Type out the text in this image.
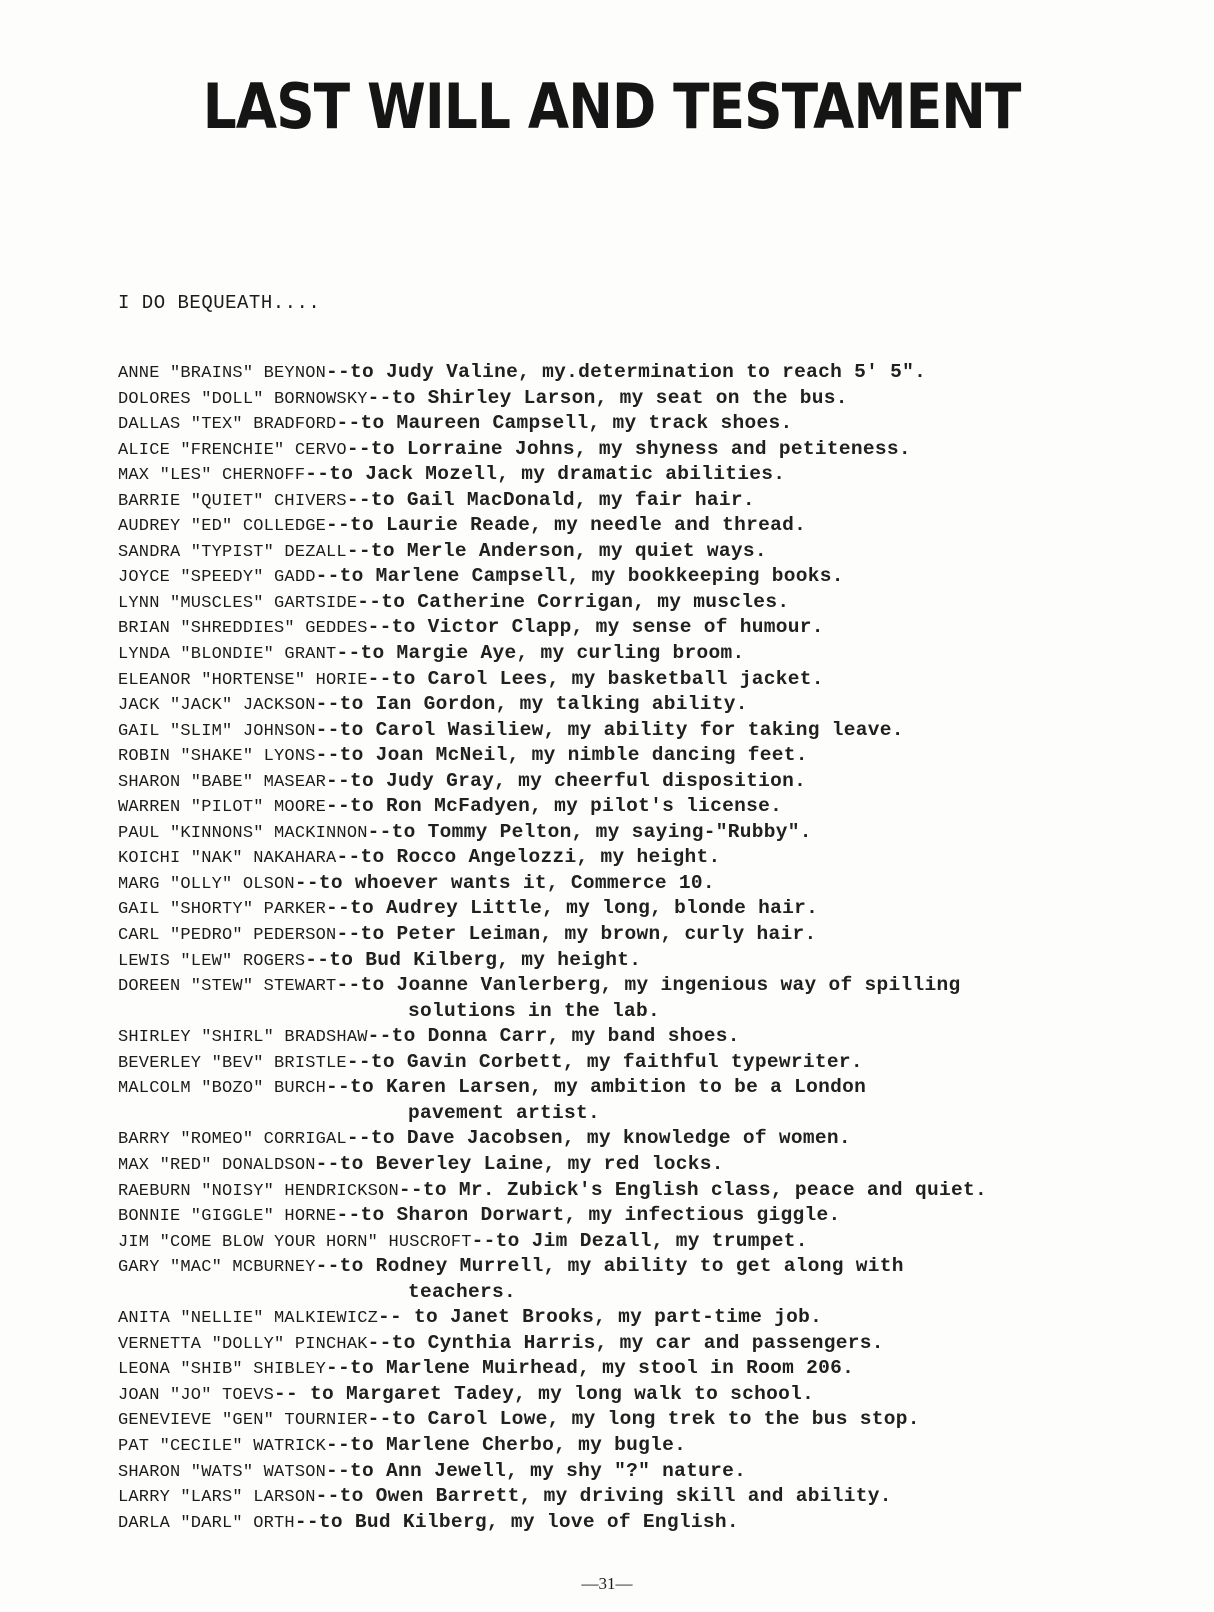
LAST WILL AND TESTAMENT
I DO BEQUEATH....
ANNE "BRAINS" BEYNON--to Judy Valine, my.determination to reach 5' 5".
DOLORES "DOLL" BORNOWSKY--to Shirley Larson, my seat on the bus.
DALLAS "TEX" BRADFORD--to Maureen Campsell, my track shoes.
ALICE "FRENCHIE" CERVO--to Lorraine Johns, my shyness and petiteness.
MAX "LES" CHERNOFF--to Jack Mozell, my dramatic abilities.
BARRIE "QUIET" CHIVERS--to Gail MacDonald, my fair hair.
AUDREY "ED" COLLEDGE--to Laurie Reade, my needle and thread.
SANDRA "TYPIST" DEZALL--to Merle Anderson, my quiet ways.
JOYCE "SPEEDY" GADD--to Marlene Campsell, my bookkeeping books.
LYNN "MUSCLES" GARTSIDE--to Catherine Corrigan, my muscles.
BRIAN "SHREDDIES" GEDDES--to Victor Clapp, my sense of humour.
LYNDA "BLONDIE" GRANT--to Margie Aye, my curling broom.
ELEANOR "HORTENSE" HORIE--to Carol Lees, my basketball jacket.
JACK "JACK" JACKSON--to Ian Gordon, my talking ability.
GAIL "SLIM" JOHNSON--to Carol Wasiliew, my ability for taking leave.
ROBIN "SHAKE" LYONS--to Joan McNeil, my nimble dancing feet.
SHARON "BABE" MASEAR--to Judy Gray, my cheerful disposition.
WARREN "PILOT" MOORE--to Ron McFadyen, my pilot's license.
PAUL "KINNONS" MACKINNON--to Tommy Pelton, my saying-"Rubby".
KOICHI "NAK" NAKAHARA--to Rocco Angelozzi, my height.
MARG "OLLY" OLSON--to whoever wants it, Commerce 10.
GAIL "SHORTY" PARKER--to Audrey Little, my long, blonde hair.
CARL "PEDRO" PEDERSON--to Peter Leiman, my brown, curly hair.
LEWIS "LEW" ROGERS--to Bud Kilberg, my height.
DOREEN "STEW" STEWART--to Joanne Vanlerberg, my ingenious way of spilling
solutions in the lab.
SHIRLEY "SHIRL" BRADSHAW--to Donna Carr, my band shoes.
BEVERLEY "BEV" BRISTLE--to Gavin Corbett, my faithful typewriter.
MALCOLM "BOZO" BURCH--to Karen Larsen, my ambition to be a London
pavement artist.
BARRY "ROMEO" CORRIGAL--to Dave Jacobsen, my knowledge of women.
MAX "RED" DONALDSON--to Beverley Laine, my red locks.
RAEBURN "NOISY" HENDRICKSON--to Mr. Zubick's English class, peace and quiet.
BONNIE "GIGGLE" HORNE--to Sharon Dorwart, my infectious giggle.
JIM "COME BLOW YOUR HORN" HUSCROFT--to Jim Dezall, my trumpet.
GARY "MAC" MCBURNEY--to Rodney Murrell, my ability to get along with
teachers.
ANITA "NELLIE" MALKIEWICZ-- to Janet Brooks, my part-time job.
VERNETTA "DOLLY" PINCHAK--to Cynthia Harris, my car and passengers.
LEONA "SHIB" SHIBLEY--to Marlene Muirhead, my stool in Room 206.
JOAN "JO" TOEVS-- to Margaret Tadey, my long walk to school.
GENEVIEVE "GEN" TOURNIER--to Carol Lowe, my long trek to the bus stop.
PAT "CECILE" WATRICK--to Marlene Cherbo, my bugle.
SHARON "WATS" WATSON--to Ann Jewell, my shy "?" nature.
LARRY "LARS" LARSON--to Owen Barrett, my driving skill and ability.
DARLA "DARL" ORTH--to Bud Kilberg, my love of English.
—31—
